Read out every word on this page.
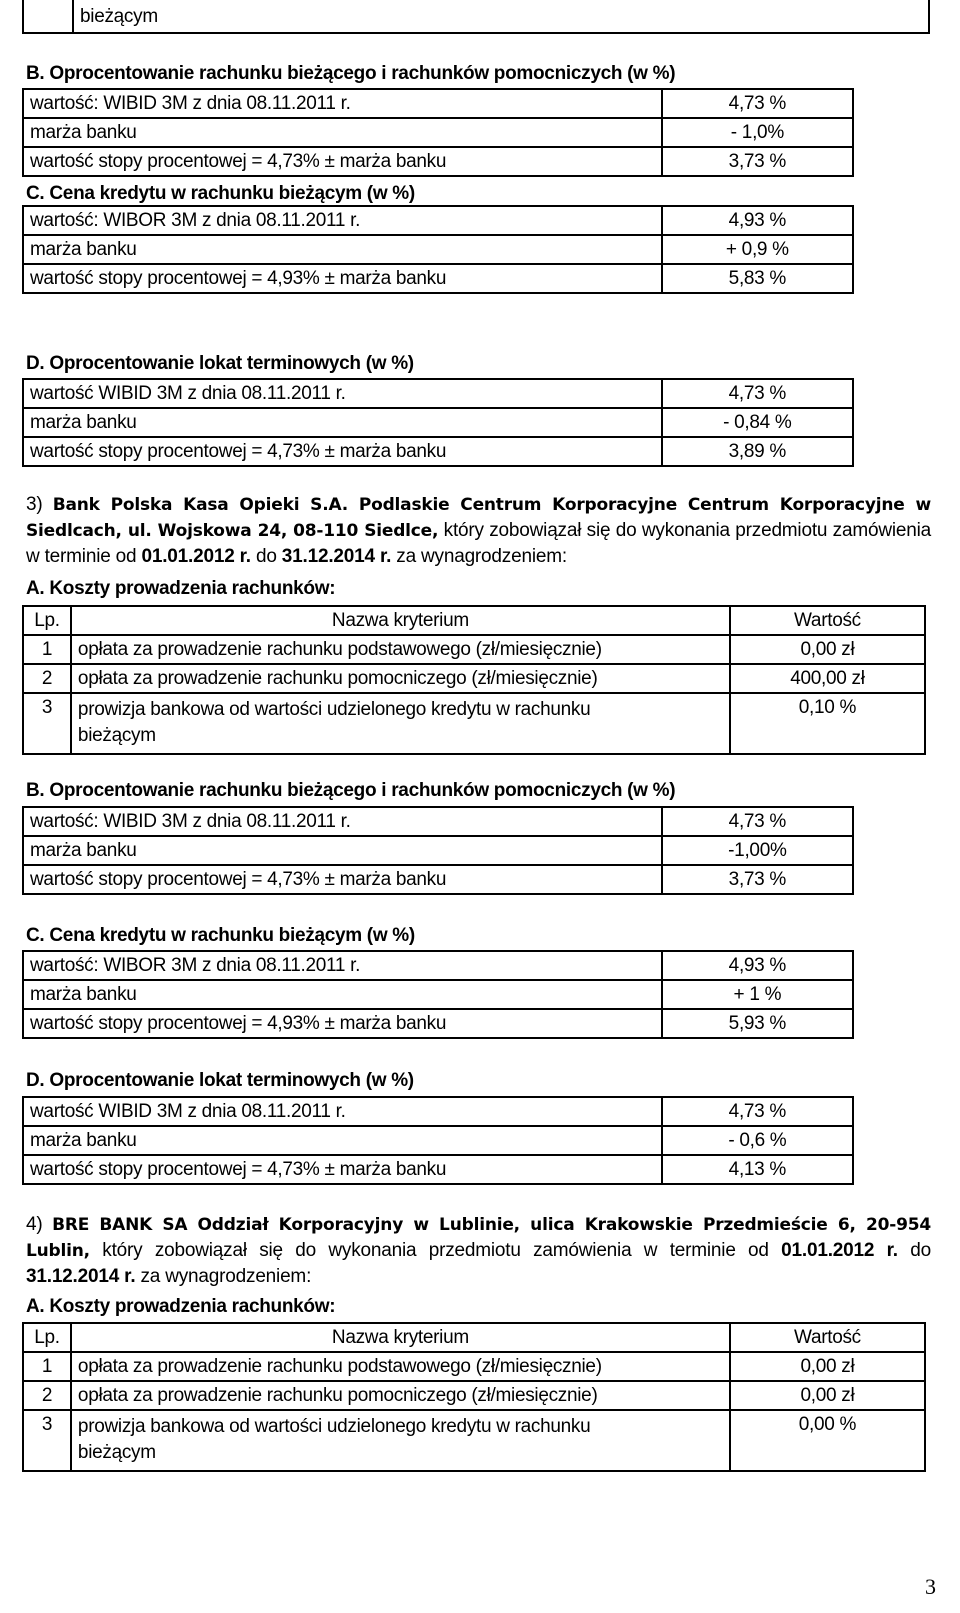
bieżącym
B. Oprocentowanie rachunku bieżącego i rachunków pomocniczych (w %)
wartość: WIBID 3M z dnia 08.11.2011 r.	4,73 %
marża banku	- 1,0%
wartość stopy procentowej = 4,73% ± marża banku	3,73 %
C. Cena kredytu w rachunku bieżącym (w %)
wartość: WIBOR 3M z dnia 08.11.2011 r.	4,93 %
marża banku	+ 0,9 %
wartość stopy procentowej = 4,93% ± marża banku	5,83 %
D. Oprocentowanie lokat terminowych (w %)
wartość WIBID 3M z dnia 08.11.2011 r.	4,73 %
marża banku	- 0,84 %
wartość stopy procentowej = 4,73% ± marża banku	3,89 %
3) Bank Polska Kasa Opieki S.A. Podlaskie Centrum Korporacyjne Centrum Korporacyjne w Siedlcach, ul. Wojskowa 24, 08-110 Siedlce, który zobowiązał się do wykonania przedmiotu zamówienia w terminie od 01.01.2012 r. do 31.12.2014 r. za wynagrodzeniem:
A. Koszty prowadzenia rachunków:
Lp.	Nazwa kryterium	Wartość
1	opłata za prowadzenie rachunku podstawowego (zł/miesięcznie)	0,00 zł
2	opłata za prowadzenie rachunku pomocniczego (zł/miesięcznie)	400,00 zł
3	prowizja bankowa od wartości udzielonego kredytu w rachunku
bieżącym	0,10 %
B. Oprocentowanie rachunku bieżącego i rachunków pomocniczych (w %)
wartość: WIBID 3M z dnia 08.11.2011 r.	4,73 %
marża banku	-1,00%
wartość stopy procentowej = 4,73% ± marża banku	3,73 %
C. Cena kredytu w rachunku bieżącym (w %)
wartość: WIBOR 3M z dnia 08.11.2011 r.	4,93 %
marża banku	+ 1 %
wartość stopy procentowej = 4,93% ± marża banku	5,93 %
D. Oprocentowanie lokat terminowych (w %)
wartość WIBID 3M z dnia 08.11.2011 r.	4,73 %
marża banku	- 0,6 %
wartość stopy procentowej = 4,73% ± marża banku	4,13 %
4) BRE BANK SA Oddział Korporacyjny w Lublinie, ulica Krakowskie Przedmieście 6, 20-954 Lublin, który zobowiązał się do wykonania przedmiotu zamówienia w terminie od 01.01.2012 r. do 31.12.2014 r. za wynagrodzeniem:
A. Koszty prowadzenia rachunków:
Lp.	Nazwa kryterium	Wartość
1	opłata za prowadzenie rachunku podstawowego (zł/miesięcznie)	0,00 zł
2	opłata za prowadzenie rachunku pomocniczego (zł/miesięcznie)	0,00 zł
3	prowizja bankowa od wartości udzielonego kredytu w rachunku
bieżącym	0,00 %
3
